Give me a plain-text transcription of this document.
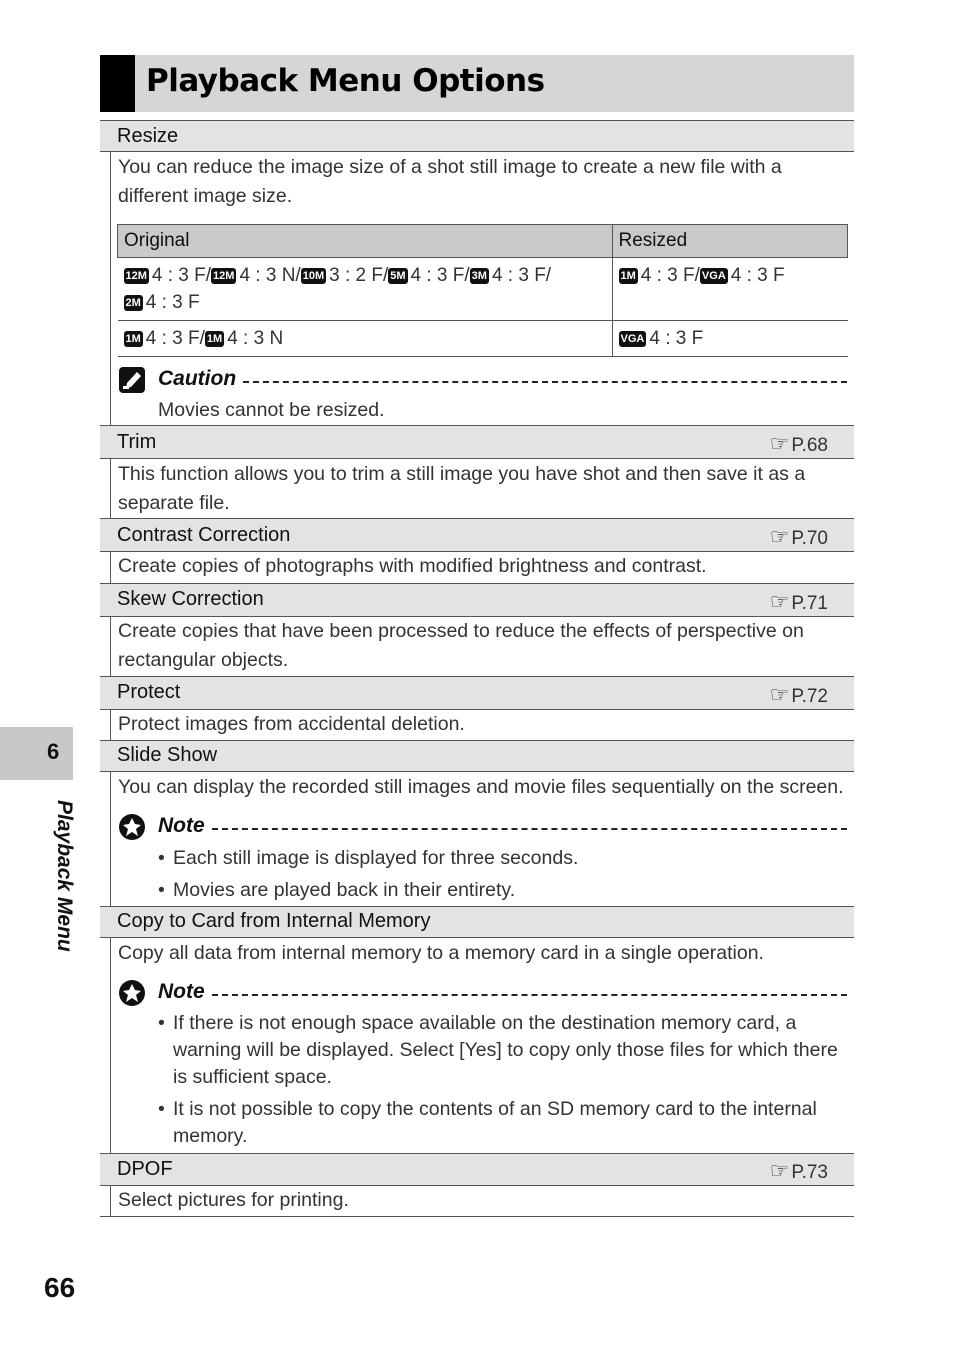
Playback Menu Options
6
Playback Menu
66
Resize
You can reduce the image size of a shot still image to create a new file with a different image size.
Original	Resized
12M 4 : 3 F/ 12M 4 : 3 N/ 10M 3 : 2 F/ 5M 4 : 3 F/ 3M 4 : 3 F/
2M 4 : 3 F	1M 4 : 3 F/ VGA 4 : 3 F
1M 4 : 3 F/ 1M 4 : 3 N	VGA 4 : 3 F
Caution
Movies cannot be resized.
Trim	☞ P.68
This function allows you to trim a still image you have shot and then save it as a separate file.
Contrast Correction	☞ P.70
Create copies of photographs with modified brightness and contrast.
Skew Correction	☞ P.71
Create copies that have been processed to reduce the effects of perspective on rectangular objects.
Protect	☞ P.72
Protect images from accidental deletion.
Slide Show
You can display the recorded still images and movie files sequentially on the screen.
Note
• Each still image is displayed for three seconds.
• Movies are played back in their entirety.
Copy to Card from Internal Memory
Copy all data from internal memory to a memory card in a single operation.
Note
• If there is not enough space available on the destination memory card, a warning will be displayed. Select [Yes] to copy only those files for which there is sufficient space.
• It is not possible to copy the contents of an SD memory card to the internal memory.
DPOF	☞ P.73
Select pictures for printing.
